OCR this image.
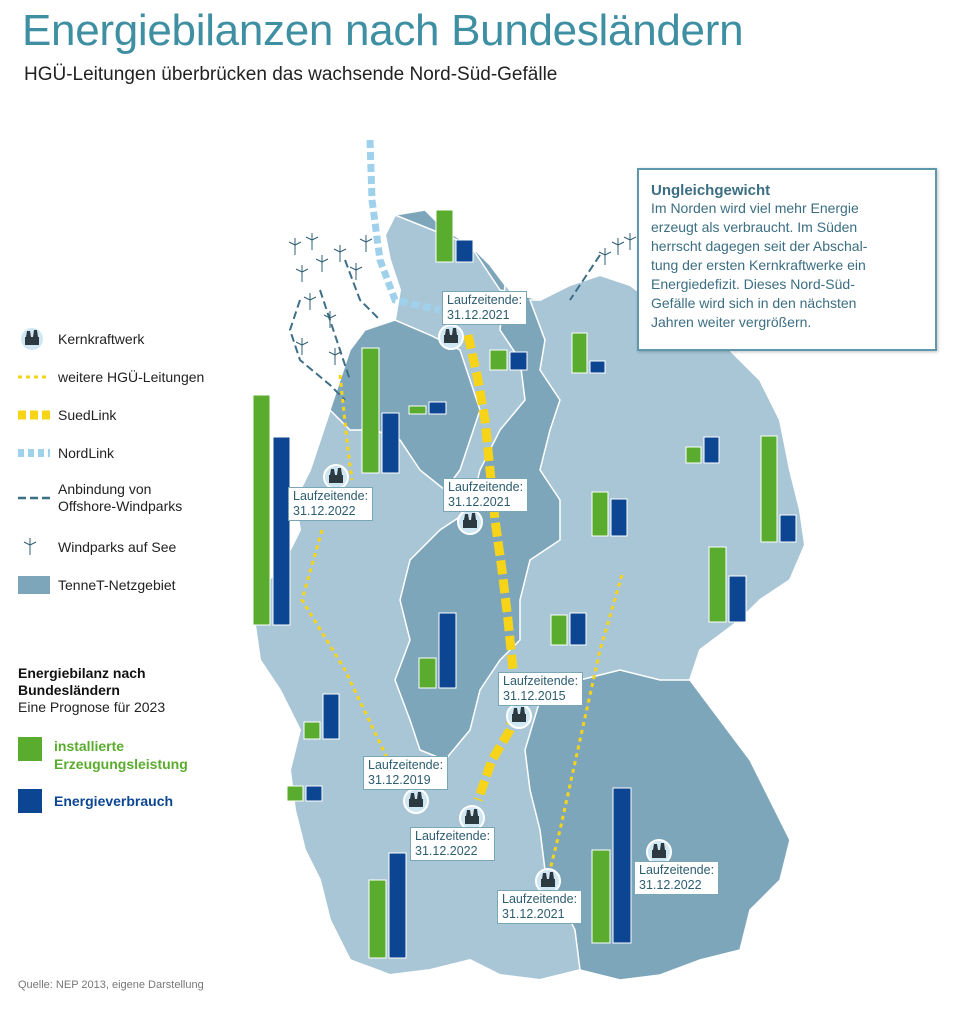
Energiebilanzen nach Bundesländern
HGÜ-Leitungen überbrücken das wachsende Nord-Süd-Gefälle
Laufzeitende:
31.12.2021
Laufzeitende:
31.12.2022
Laufzeitende:
31.12.2021
Laufzeitende:
31.12.2015
Laufzeitende:
31.12.2019
Laufzeitende:
31.12.2022
Laufzeitende:
31.12.2021
Laufzeitende:
31.12.2022
Kernkraftwerk
weitere HGÜ-Leitungen
SuedLink
NordLink
Anbindung von
Offshore-Windparks
Windparks auf See
TenneT-Netzgebiet
Energiebilanz nach
Bundesländern
Eine Prognose für 2023
installierte
Erzeugungsleistung
Energieverbrauch
Ungleichgewicht
Im Norden wird viel mehr Energie
erzeugt als verbraucht. Im Süden
herrscht dagegen seit der Abschal-
tung der ersten Kernkraftwerke ein
Energiedefizit. Dieses Nord-Süd-
Gefälle wird sich in den nächsten
Jahren weiter vergrößern.
Quelle: NEP 2013, eigene Darstellung
